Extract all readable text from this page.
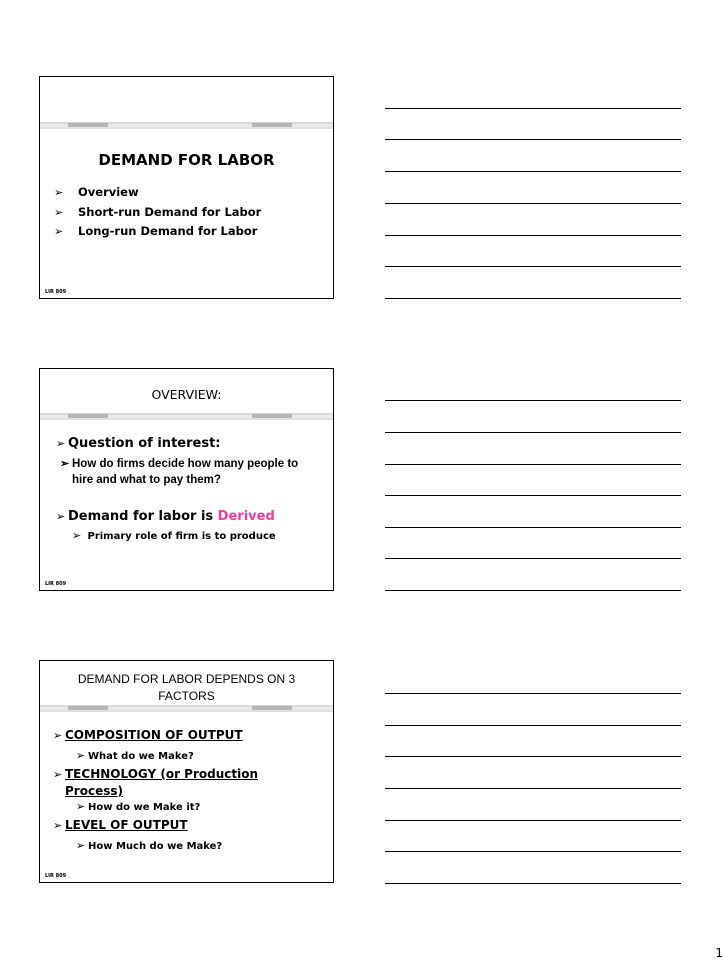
DEMAND FOR LABOR
➢ Overview
➢ Short-run Demand for Labor
➢ Long-run Demand for Labor
LIR 809
OVERVIEW:
➢ Question of interest:
➢ How do firms decide how many people to hire and what to pay them?
➢ Demand for labor is Derived
➢ Primary role of firm is to produce
LIR 809
DEMAND FOR LABOR DEPENDS ON 3 FACTORS
➢ COMPOSITION OF OUTPUT
➢ What do we Make?
➢ TECHNOLOGY (or Production Process)
➢ How do we Make it?
➢ LEVEL OF OUTPUT
➢ How Much do we Make?
LIR 809
1
